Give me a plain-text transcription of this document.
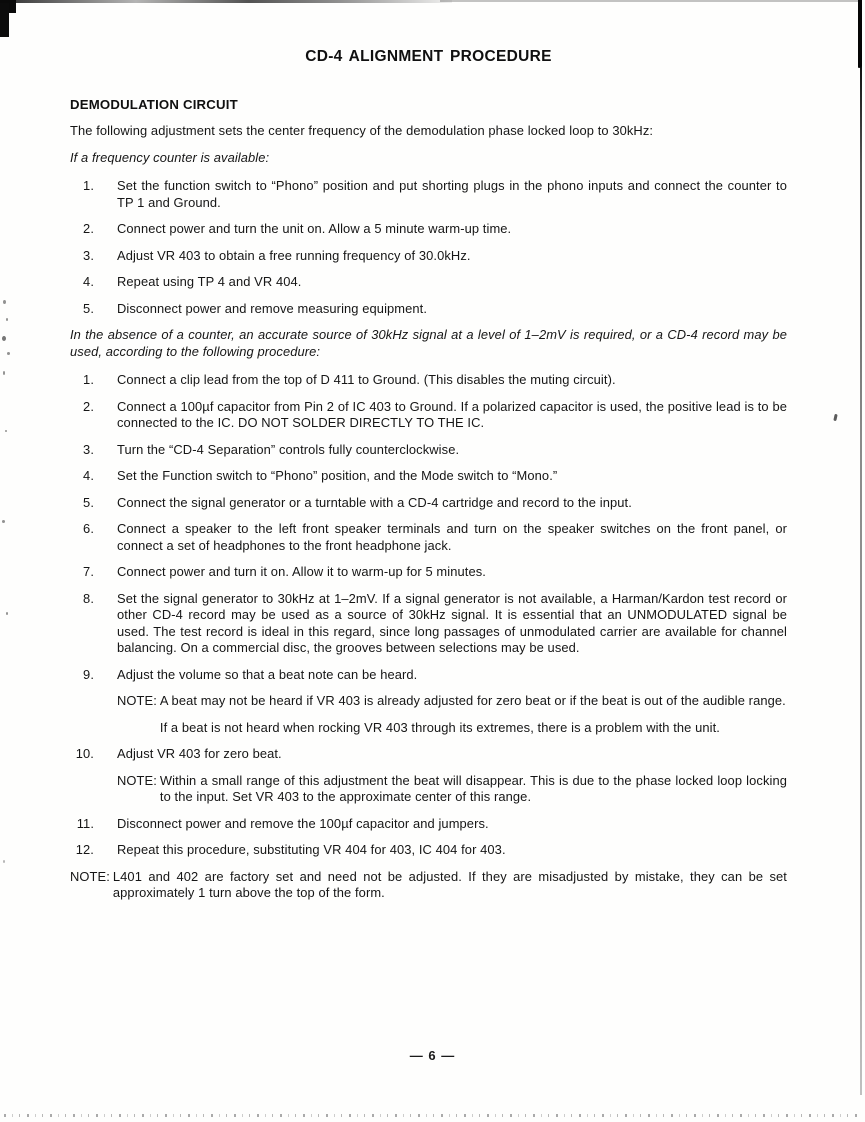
CD-4 ALIGNMENT PROCEDURE
DEMODULATION CIRCUIT

The following adjustment sets the center frequency of the demodulation phase locked loop to 30kHz:

If a frequency counter is available:

1. Set the function switch to “Phono” position and put shorting plugs in the phono inputs and connect the counter to TP 1 and Ground.
2. Connect power and turn the unit on. Allow a 5 minute warm-up time.
3. Adjust VR 403 to obtain a free running frequency of 30.0kHz.
4. Repeat using TP 4 and VR 404.
5. Disconnect power and remove measuring equipment.

In the absence of a counter, an accurate source of 30kHz signal at a level of 1–2mV is required, or a CD-4 record may be used, according to the following procedure:

1. Connect a clip lead from the top of D 411 to Ground. (This disables the muting circuit).
2. Connect a 100µf capacitor from Pin 2 of IC 403 to Ground. If a polarized capacitor is used, the positive lead is to be connected to the IC. DO NOT SOLDER DIRECTLY TO THE IC.
3. Turn the “CD-4 Separation” controls fully counterclockwise.
4. Set the Function switch to “Phono” position, and the Mode switch to “Mono.”
5. Connect the signal generator or a turntable with a CD-4 cartridge and record to the input.
6. Connect a speaker to the left front speaker terminals and turn on the speaker switches on the front panel, or connect a set of headphones to the front headphone jack.
7. Connect power and turn it on. Allow it to warm-up for 5 minutes.
8. Set the signal generator to 30kHz at 1–2mV. If a signal generator is not available, a Harman/Kardon test record or other CD-4 record may be used as a source of 30kHz signal. It is essential that an UNMODULATED signal be used. The test record is ideal in this regard, since long passages of unmodulated carrier are available for channel balancing. On a commercial disc, the grooves between selections may be used.
9. Adjust the volume so that a beat note can be heard.
NOTE: A beat may not be heard if VR 403 is already adjusted for zero beat or if the beat is out of the audible range.
If a beat is not heard when rocking VR 403 through its extremes, there is a problem with the unit.
10. Adjust VR 403 for zero beat.
NOTE: Within a small range of this adjustment the beat will disappear. This is due to the phase locked loop locking to the input. Set VR 403 to the approximate center of this range.
11. Disconnect power and remove the 100µf capacitor and jumpers.
12. Repeat this procedure, substituting VR 404 for 403, IC 404 for 403.
NOTE: L401 and 402 are factory set and need not be adjusted. If they are misadjusted by mistake, they can be set approximately 1 turn above the top of the form.
— 6 —
